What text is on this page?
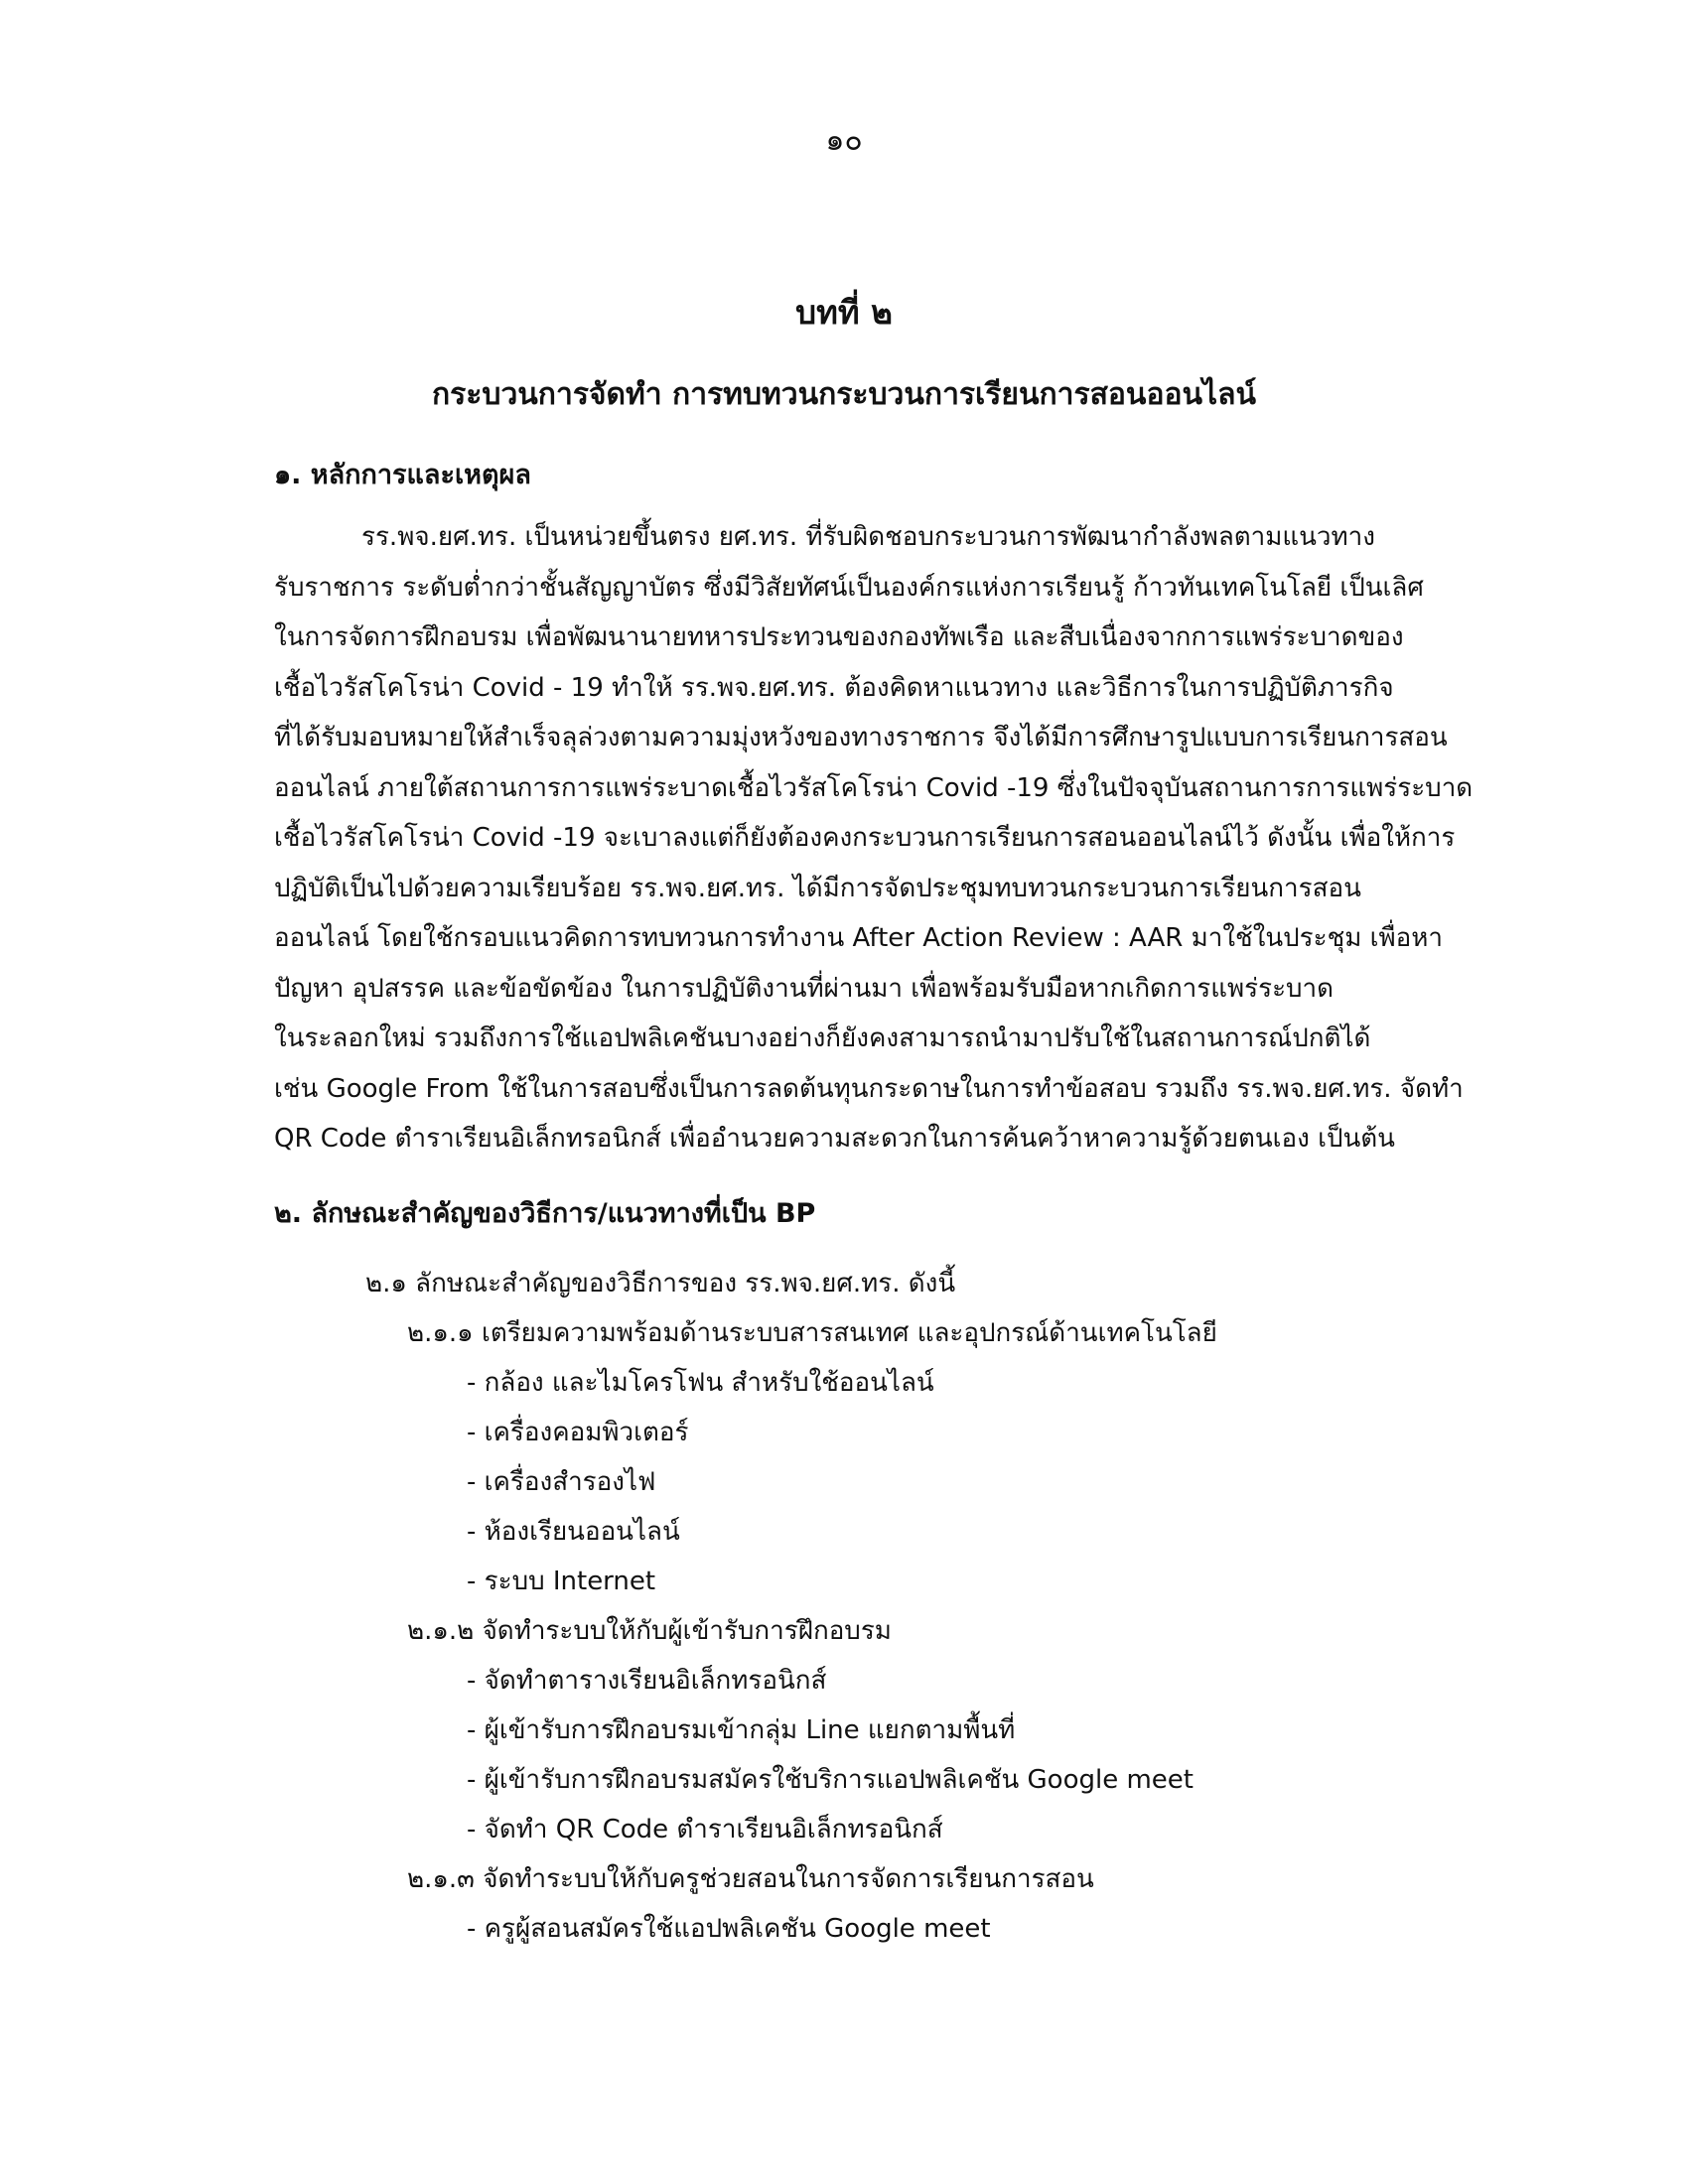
๑๐
บทที่ ๒
กระบวนการจัดทำ การทบทวนกระบวนการเรียนการสอนออนไลน์
๑. หลักการและเหตุผล
รร.พจ.ยศ.ทร. เป็นหน่วยขึ้นตรง ยศ.ทร. ที่รับผิดชอบกระบวนการพัฒนากำลังพลตามแนวทาง
รับราชการ ระดับต่ำกว่าชั้นสัญญาบัตร ซึ่งมีวิสัยทัศน์เป็นองค์กรแห่งการเรียนรู้ ก้าวทันเทคโนโลยี เป็นเลิศ
ในการจัดการฝึกอบรม เพื่อพัฒนานายทหารประทวนของกองทัพเรือ และสืบเนื่องจากการแพร่ระบาดของ
เชื้อไวรัสโคโรน่า Covid - 19 ทำให้ รร.พจ.ยศ.ทร. ต้องคิดหาแนวทาง และวิธีการในการปฏิบัติภารกิจ
ที่ได้รับมอบหมายให้สำเร็จลุล่วงตามความมุ่งหวังของทางราชการ จึงได้มีการศึกษารูปแบบการเรียนการสอน
ออนไลน์ ภายใต้สถานการการแพร่ระบาดเชื้อไวรัสโคโรน่า Covid -19 ซึ่งในปัจจุบันสถานการการแพร่ระบาด
เชื้อไวรัสโคโรน่า Covid -19 จะเบาลงแต่ก็ยังต้องคงกระบวนการเรียนการสอนออนไลน์ไว้ ดังนั้น เพื่อให้การ
ปฏิบัติเป็นไปด้วยความเรียบร้อย รร.พจ.ยศ.ทร. ได้มีการจัดประชุมทบทวนกระบวนการเรียนการสอน
ออนไลน์ โดยใช้กรอบแนวคิดการทบทวนการทำงาน After Action Review : AAR มาใช้ในประชุม เพื่อหา
ปัญหา อุปสรรค และข้อขัดข้อง ในการปฏิบัติงานที่ผ่านมา เพื่อพร้อมรับมือหากเกิดการแพร่ระบาด
ในระลอกใหม่ รวมถึงการใช้แอปพลิเคชันบางอย่างก็ยังคงสามารถนำมาปรับใช้ในสถานการณ์ปกติได้
เช่น Google From ใช้ในการสอบซึ่งเป็นการลดต้นทุนกระดาษในการทำข้อสอบ รวมถึง รร.พจ.ยศ.ทร. จัดทำ
QR Code ตำราเรียนอิเล็กทรอนิกส์ เพื่ออำนวยความสะดวกในการค้นคว้าหาความรู้ด้วยตนเอง เป็นต้น
๒. ลักษณะสำคัญของวิธีการ/แนวทางที่เป็น BP
๒.๑ ลักษณะสำคัญของวิธีการของ รร.พจ.ยศ.ทร. ดังนี้
๒.๑.๑ เตรียมความพร้อมด้านระบบสารสนเทศ และอุปกรณ์ด้านเทคโนโลยี
- กล้อง และไมโครโฟน สำหรับใช้ออนไลน์
- เครื่องคอมพิวเตอร์
- เครื่องสำรองไฟ
- ห้องเรียนออนไลน์
- ระบบ Internet
๒.๑.๒ จัดทำระบบให้กับผู้เข้ารับการฝึกอบรม
- จัดทำตารางเรียนอิเล็กทรอนิกส์
- ผู้เข้ารับการฝึกอบรมเข้ากลุ่ม Line แยกตามพื้นที่
- ผู้เข้ารับการฝึกอบรมสมัครใช้บริการแอปพลิเคชัน Google meet
- จัดทำ QR Code ตำราเรียนอิเล็กทรอนิกส์
๒.๑.๓ จัดทำระบบให้กับครูช่วยสอนในการจัดการเรียนการสอน
- ครูผู้สอนสมัครใช้แอปพลิเคชัน Google meet
